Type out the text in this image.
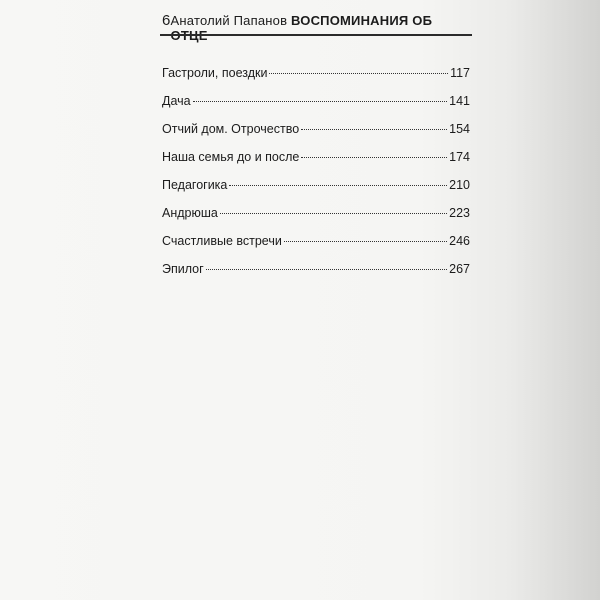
6 Анатолий Папанов ВОСПОМИНАНИЯ ОБ
Гастроли, поездки	117
Дача	141
Отчий дом. Отрочество	154
Наша семья до и после	174
Педагогика	210
Андрюша	223
Счастливые встречи	246
Эпилог	267
